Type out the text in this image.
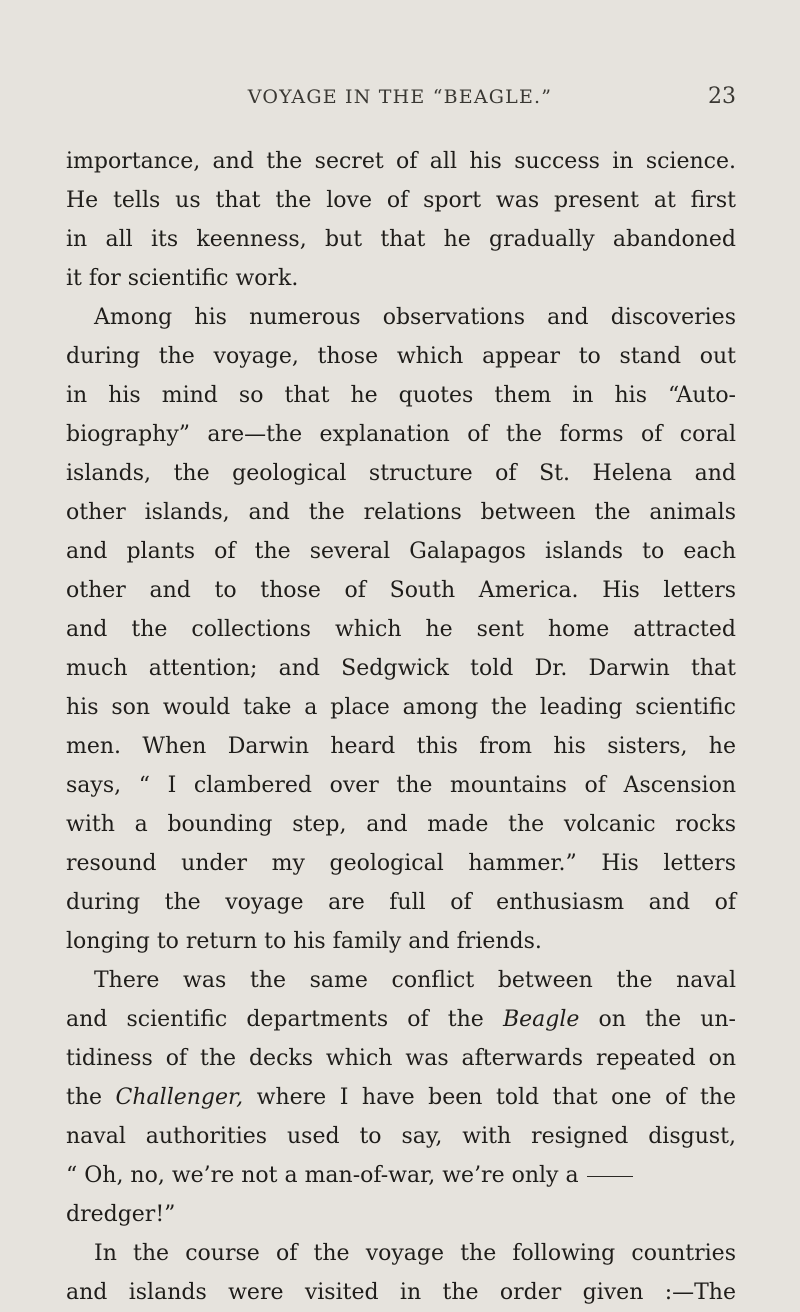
VOYAGE IN THE “BEAGLE.”	23
importance, and the secret of all his success in science.
He tells us that the love of sport was present at first
in all its keenness, but that he gradually abandoned
it for scientific work.
Among his numerous observations and discoveries
during the voyage, those which appear to stand out
in his mind so that he quotes them in his “Auto-
biography” are—the explanation of the forms of coral
islands, the geological structure of St. Helena and
other islands, and the relations between the animals
and plants of the several Galapagos islands to each
other and to those of South America. His letters
and the collections which he sent home attracted
much attention; and Sedgwick told Dr. Darwin that
his son would take a place among the leading scientific
men. When Darwin heard this from his sisters, he
says, “ I clambered over the mountains of Ascension
with a bounding step, and made the volcanic rocks
resound under my geological hammer.” His letters
during the voyage are full of enthusiasm and of
longing to return to his family and friends.
There was the same conflict between the naval
and scientific departments of the Beagle on the un-
tidiness of the decks which was afterwards repeated on
the Challenger, where I have been told that one of the
naval authorities used to say, with resigned disgust,
“ Oh, no, we’re not a man-of-war, we’re only a
dredger!”
In the course of the voyage the following countries
and islands were visited in the order given :—The
